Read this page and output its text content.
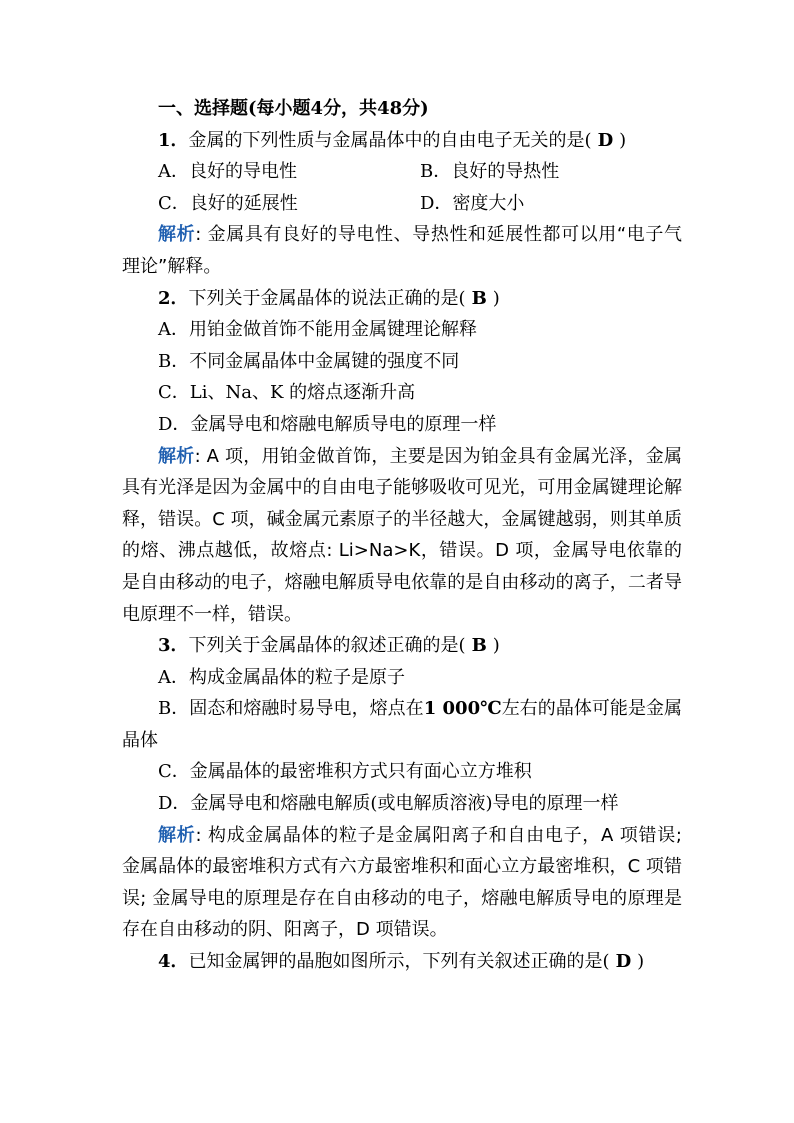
一、选择题(每小题4分，共48分)
1．金属的下列性质与金属晶体中的自由电子无关的是( D )
A．良好的导电性	B．良好的导热性
C．良好的延展性	D．密度大小

解析: 金属具有良好的导电性、导热性和延展性都可以用“电子气理论”解释。

2．下列关于金属晶体的说法正确的是( B )
A．用铂金做首饰不能用金属键理论解释
B．不同金属晶体中金属键的强度不同
C．Li、Na、K 的熔点逐渐升高
D．金属导电和熔融电解质导电的原理一样

解析: A 项，用铂金做首饰，主要是因为铂金具有金属光泽，金属具有光泽是因为金属中的自由电子能够吸收可见光，可用金属键理论解释，错误。C 项，碱金属元素原子的半径越大，金属键越弱，则其单质的熔、沸点越低，故熔点: Li>Na>K，错误。D 项，金属导电依靠的是自由移动的电子，熔融电解质导电依靠的是自由移动的离子，二者导电原理不一样，错误。

3．下列关于金属晶体的叙述正确的是( B )
A．构成金属晶体的粒子是原子

B．固态和熔融时易导电，熔点在1 000℃左右的晶体可能是金属晶体

C．金属晶体的最密堆积方式只有面心立方堆积
D．金属导电和熔融电解质(或电解质溶液)导电的原理一样

解析: 构成金属晶体的粒子是金属阳离子和自由电子，A 项错误; 金属晶体的最密堆积方式有六方最密堆积和面心立方最密堆积，C 项错误; 金属导电的原理是存在自由移动的电子，熔融电解质导电的原理是存在自由移动的阴、阳离子，D 项错误。

4．已知金属钾的晶胞如图所示，下列有关叙述正确的是( D )
